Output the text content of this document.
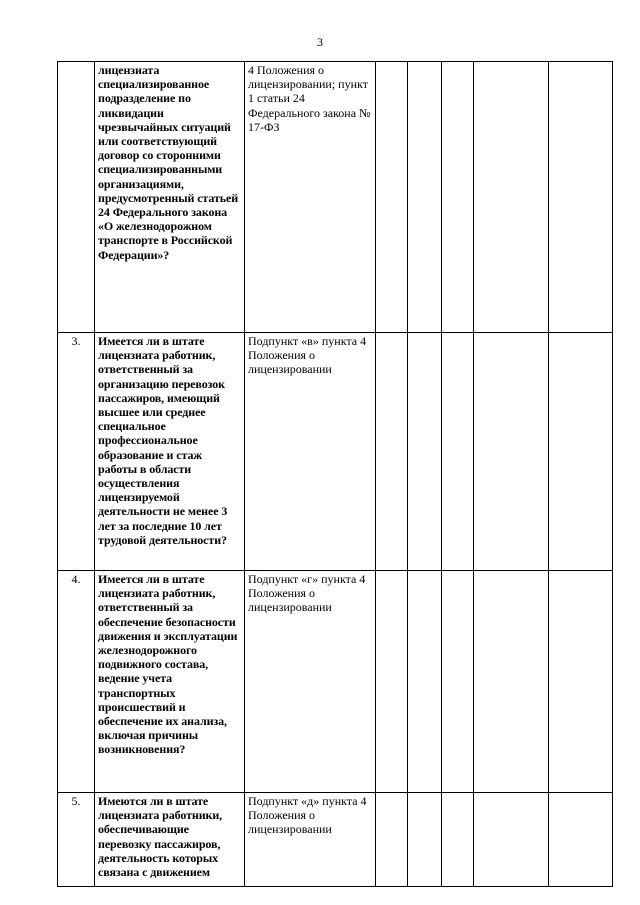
3
	лицензиата специализированное подразделение по ликвидации чрезвычайных ситуаций или соответствующий договор со сторонними специализированными организациями, предусмотренный статьей 24 Федерального закона «О железнодорожном транспорте в Российской Федерации»?	4 Положения о лицензировании; пункт 1 статьи 24 Федерального закона № 17-ФЗ					
3.	Имеется ли в штате лицензиата работник, ответственный за организацию перевозок пассажиров, имеющий высшее или среднее специальное профессиональное образование и стаж работы в области осуществления лицензируемой деятельности не менее 3 лет за последние 10 лет трудовой деятельности?	Подпункт «в» пункта 4 Положения о лицензировании					
4.	Имеется ли в штате лицензиата работник, ответственный за обеспечение безопасности движения и эксплуатации железнодорожного подвижного состава, ведение учета транспортных происшествий и обеспечение их анализа, включая причины возникновения?	Подпункт «г» пункта 4 Положения о лицензировании					
5.	Имеются ли в штате лицензиата работники, обеспечивающие перевозку пассажиров, деятельность которых связана с движением	Подпункт «д» пункта 4 Положения о лицензировании					
